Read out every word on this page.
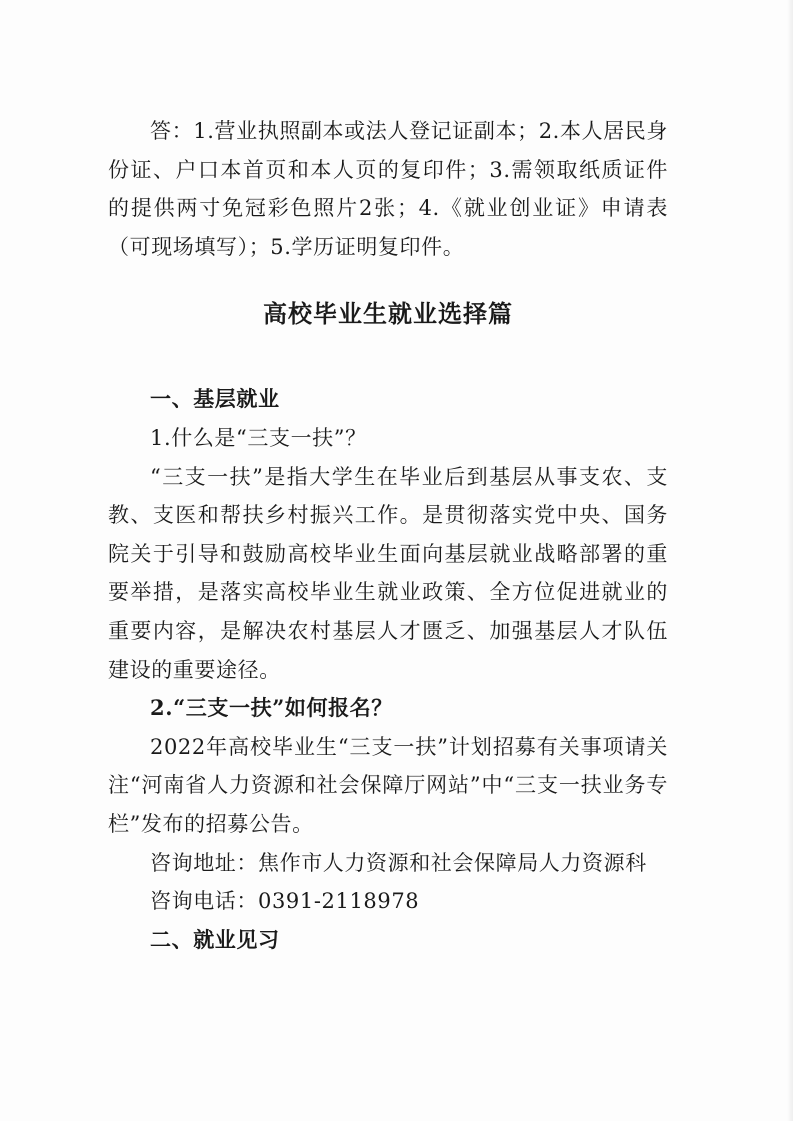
答：1.营业执照副本或法人登记证副本；2.本人居民身份证、户口本首页和本人页的复印件；3.需领取纸质证件的提供两寸免冠彩色照片2张；4.《就业创业证》申请表（可现场填写）；5.学历证明复印件。

高校毕业生就业选择篇

一、基层就业

1.什么是“三支一扶”？

“三支一扶”是指大学生在毕业后到基层从事支农、支教、支医和帮扶乡村振兴工作。是贯彻落实党中央、国务院关于引导和鼓励高校毕业生面向基层就业战略部署的重要举措，是落实高校毕业生就业政策、全方位促进就业的重要内容，是解决农村基层人才匮乏、加强基层人才队伍建设的重要途径。

2.“三支一扶”如何报名？

2022年高校毕业生“三支一扶”计划招募有关事项请关注“河南省人力资源和社会保障厅网站”中“三支一扶业务专栏”发布的招募公告。

咨询地址：焦作市人力资源和社会保障局人力资源科

咨询电话：0391-2118978

二、就业见习
